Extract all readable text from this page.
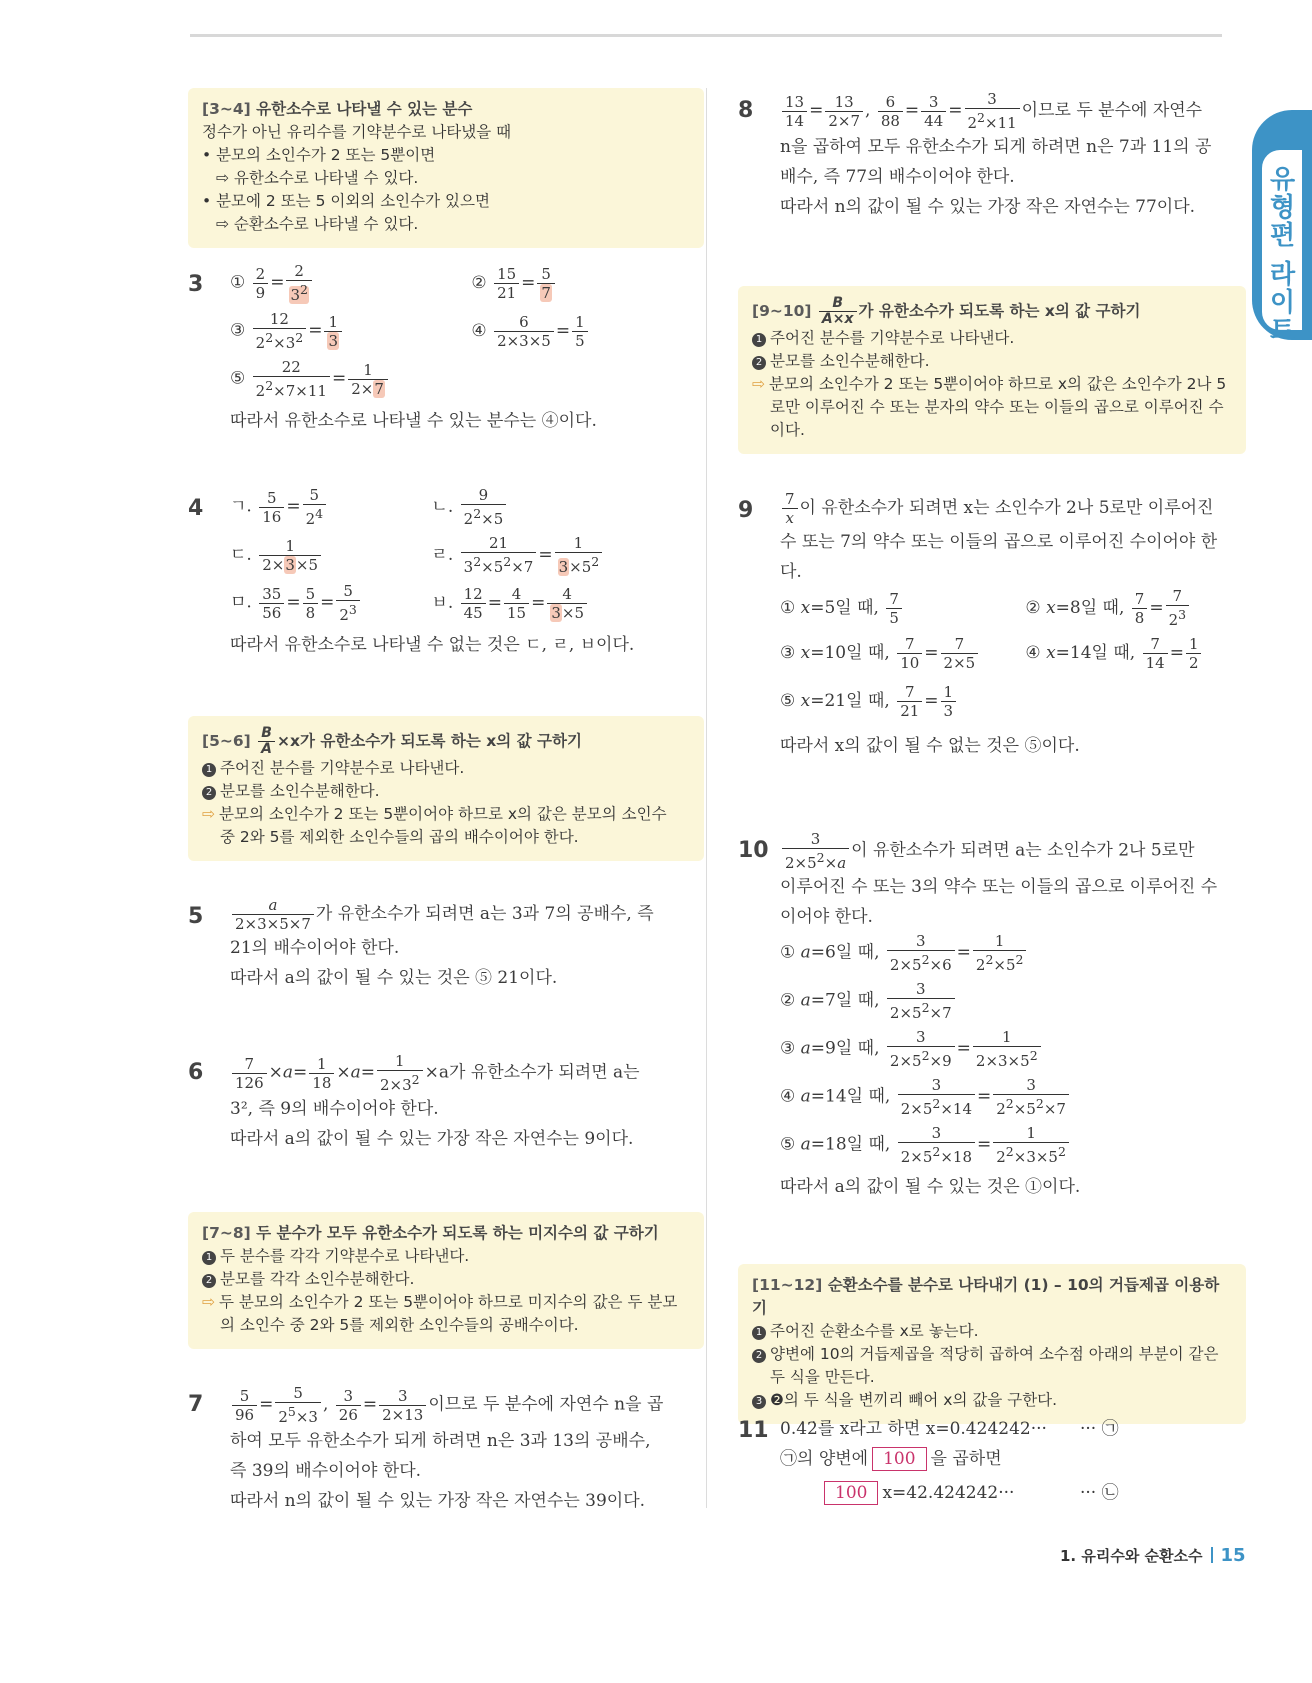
유형편 라이트
[3~4] 유한소수로 나타낼 수 있는 분수
정수가 아닌 유리수를 기약분수로 나타냈을 때
• 분모의 소인수가 2 또는 5뿐이면
⇨ 유한소수로 나타낼 수 있다.
• 분모에 2 또는 5 이외의 소인수가 있으면
⇨ 순환소수로 나타낼 수 있다.
3 ① $\frac{2}{9} = \frac{2}{3^2}$	② $\frac{15}{21} = \frac{5}{7}$
③ $\frac{12}{2^2\times 3^2} = \frac{1}{3}$	④ $\frac{6}{2\times 3\times 5} = \frac{1}{5}$
⑤ $\frac{22}{2^2\times 7\times 11} = \frac{1}{2\times 7}$
따라서 유한소수로 나타낼 수 있는 분수는 ④이다.
4 ㄱ. $\frac{5}{16} = \frac{5}{2^4}$	ㄴ. $\frac{9}{2^2\times 5}$
ㄷ. $\frac{1}{2\times 3\times 5}$	ㄹ. $\frac{21}{3^2\times 5^2\times 7} = \frac{1}{3\times 5^2}$
ㅁ. $\frac{35}{56} = \frac{5}{8} = \frac{5}{2^3}$	ㅂ. $\frac{12}{45} = \frac{4}{15} = \frac{4}{3\times 5}$
따라서 유한소수로 나타낼 수 없는 것은 ㄷ, ㄹ, ㅂ이다.
[5~6] $\frac{B}{A} \times x$가 유한소수가 되도록 하는 x의 값 구하기
1 주어진 분수를 기약분수로 나타낸다.
2 분모를 소인수분해한다.
⇨ 분모의 소인수가 2 또는 5뿐이어야 하므로 x의 값은 분모의 소인수
중 2와 5를 제외한 소인수들의 곱의 배수이어야 한다.
$5 \frac{a}{2\times 3\times 5\times 7}$ 가 유한소수가 되려면 a는 3과 7의 공배수, 즉
21의 배수이어야 한다.
따라서 a의 값이 될 수 있는 것은 ⑤ 21이다.
$6 \frac{7}{126} \times a= \frac{1}{18} \times a= \frac{1}{2\times 3^2} \times a$가 유한소수가 되려면 a는
3², 즉 9의 배수이어야 한다.
따라서 a의 값이 될 수 있는 가장 작은 자연수는 9이다.
[7~8] 두 분수가 모두 유한소수가 되도록 하는 미지수의 값 구하기
1 두 분수를 각각 기약분수로 나타낸다.
2 분모를 각각 소인수분해한다.
⇨ 두 분모의 소인수가 2 또는 5뿐이어야 하므로 미지수의 값은 두 분모
의 소인수 중 2와 5를 제외한 소인수들의 공배수이다.
$7 \frac{5}{96} = \frac{5}{2^5\times 3}$ , $\frac{3}{26} = \frac{3}{2\times 13}$ 이므로 두 분수에 자연수 n을 곱
하여 모두 유한소수가 되게 하려면 n은 3과 13의 공배수,
즉 39의 배수이어야 한다.
따라서 n의 값이 될 수 있는 가장 작은 자연수는 39이다.
$8 \frac{13}{14} = \frac{13}{2\times 7}$ , $\frac{6}{88} = \frac{3}{44} = \frac{3}{2^2\times 11}$ 이므로 두 분수에 자연수
n을 곱하여 모두 유한소수가 되게 하려면 n은 7과 11의 공
배수, 즉 77의 배수이어야 한다.
따라서 n의 값이 될 수 있는 가장 작은 자연수는 77이다.
[9~10] $\frac{B}{A\times x}$ 가 유한소수가 되도록 하는 x의 값 구하기
1 주어진 분수를 기약분수로 나타낸다.
2 분모를 소인수분해한다.
⇨ 분모의 소인수가 2 또는 5뿐이어야 하므로 x의 값은 소인수가 2나 5
로만 이루어진 수 또는 분자의 약수 또는 이들의 곱으로 이루어진 수
이다.
$9 \frac{7}{x}$ 이 유한소수가 되려면 x는 소인수가 2나 5로만 이루어진
수 또는 7의 약수 또는 이들의 곱으로 이루어진 수이어야 한
다.
① x=5일 때, $\frac{7}{5}$	② x=8일 때, $\frac{7}{8} = \frac{7}{2^3}$
③ x=10일 때, $\frac{7}{10} = \frac{7}{2\times 5}$	④ x=14일 때, $\frac{7}{14} = \frac{1}{2}$
⑤ x=21일 때, $\frac{7}{21} = \frac{1}{3}$
따라서 x의 값이 될 수 없는 것은 ⑤이다.
$10 \frac{3}{2\times 5^2\times a}$ 이 유한소수가 되려면 a는 소인수가 2나 5로만
이루어진 수 또는 3의 약수 또는 이들의 곱으로 이루어진 수
이어야 한다.
① a=6일 때, $\frac{3}{2\times 5^2\times 6} = \frac{1}{2^2\times 5^2}$
② a=7일 때, $\frac{3}{2\times 5^2\times 7}$
③ a=9일 때, $\frac{3}{2\times 5^2\times 9} = \frac{1}{2\times 3\times 5^2}$
④ a=14일 때, $\frac{3}{2\times 5^2\times 14} = \frac{3}{2^2\times 5^2\times 7}$
⑤ a=18일 때, $\frac{3}{2\times 5^2\times 18} = \frac{1}{2^2\times 3\times 5^2}$
따라서 a의 값이 될 수 있는 것은 ①이다.
[11~12] 순환소수를 분수로 나타내기 (1) – 10의 거듭제곱 이용하기
1 주어진 순환소수를 x로 놓는다.
2 양변에 10의 거듭제곱을 적당히 곱하여 소수점 아래의 부분이 같은
두 식을 만든다.
3 ❷의 두 식을 변끼리 빼어 x의 값을 구한다.
11 0.4̇2̇를 x라고 하면 x=0.424242··· ··· ㉠
㉠의 양변에 100 을 곱하면
100 x=42.424242···	··· ㉡
1. 유리수와 순환소수 15
